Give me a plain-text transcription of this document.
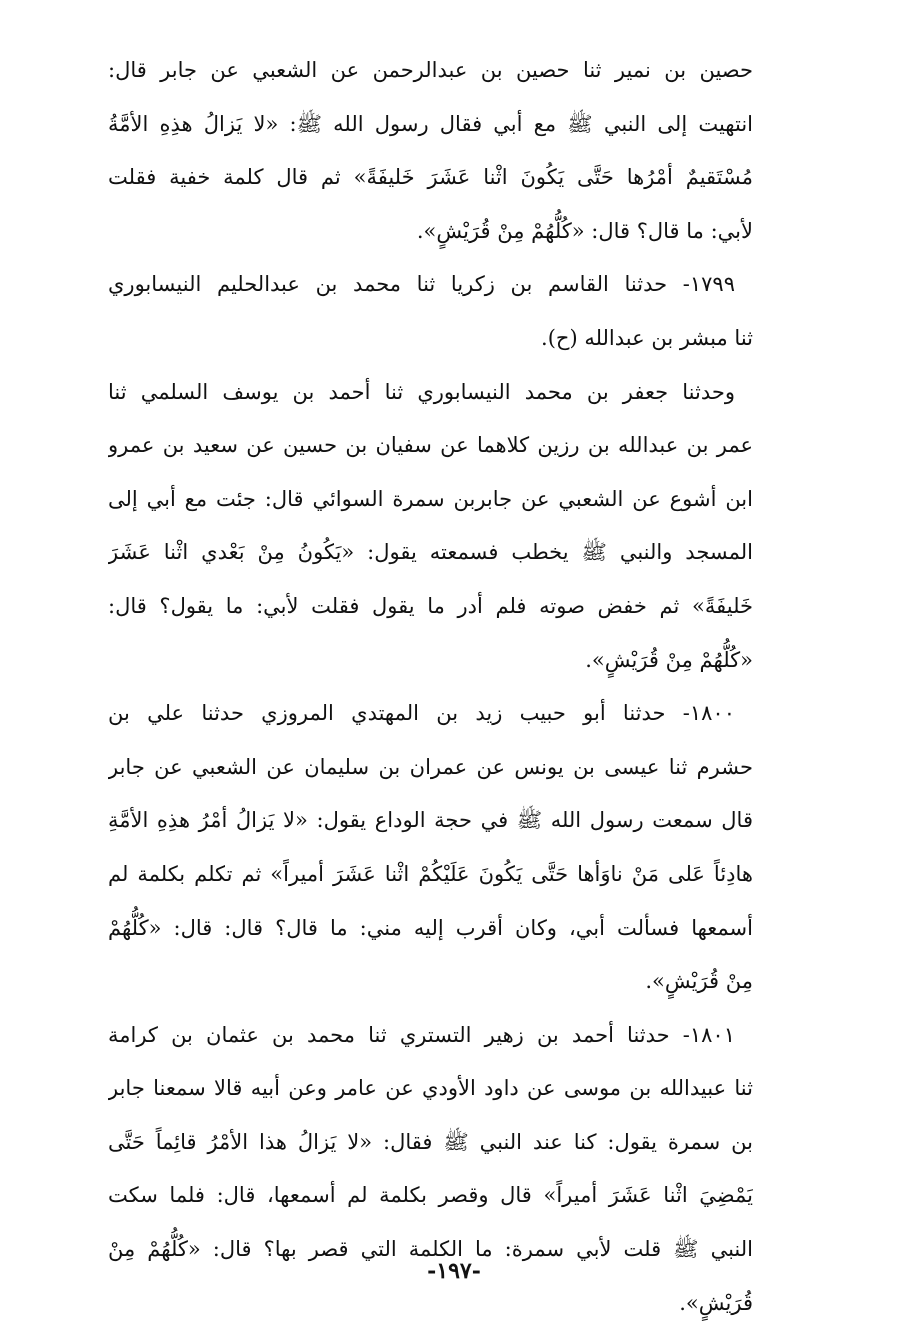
حصين بن نمير ثنا حصين بن عبدالرحمن عن الشعبي عن جابر قال:
انتهيت إلى النبي ﷺ مع أبي فقال رسول الله ﷺ: «لا يَزالُ هذِهِ الأمَّةُ
مُسْتَقيمٌ أمْرُها حَتَّى يَكُونَ اثْنا عَشَرَ خَليفَةً» ثم قال كلمة خفية فقلت
لأبي: ما قال؟ قال: «كُلُّهُمْ مِنْ قُرَيْشٍ».
١٧٩٩- حدثنا القاسم بن زكريا ثنا محمد بن عبدالحليم النيسابوري
ثنا مبشر بن عبدالله (ح).
وحدثنا جعفر بن محمد النيسابوري ثنا أحمد بن يوسف السلمي ثنا
عمر بن عبدالله بن رزين كلاهما عن سفيان بن حسين عن سعيد بن عمرو
ابن أشوع عن الشعبي عن جابربن سمرة السوائي قال: جئت مع أبي إلى
المسجد والنبي ﷺ يخطب فسمعته يقول: «يَكُونُ مِنْ بَعْدي اثْنا عَشَرَ
خَليفَةً» ثم خفض صوته فلم أدر ما يقول فقلت لأبي: ما يقول؟ قال:
«كُلُّهُمْ مِنْ قُرَيْشٍ».
١٨٠٠- حدثنا أبو حبيب زيد بن المهتدي المروزي حدثنا علي بن
حشرم ثنا عيسى بن يونس عن عمران بن سليمان عن الشعبي عن جابر
قال سمعت رسول الله ﷺ في حجة الوداع يقول: «لا يَزالُ أمْرُ هذِهِ الأمَّةِ
هادِئاً عَلى مَنْ ناوَأها حَتَّى يَكُونَ عَلَيْكُمْ اثْنا عَشَرَ أميراً» ثم تكلم بكلمة لم
أسمعها فسألت أبي، وكان أقرب إليه مني: ما قال؟ قال: قال: «كُلُّهُمْ
مِنْ قُرَيْشٍ».
١٨٠١- حدثنا أحمد بن زهير التستري ثنا محمد بن عثمان بن كرامة
ثنا عبيدالله بن موسى عن داود الأودي عن عامر وعن أبيه قالا سمعنا جابر
بن سمرة يقول: كنا عند النبي ﷺ فقال: «لا يَزالُ هذا الأمْرُ قائِماً حَتَّى
يَمْضِيَ اثْنا عَشَرَ أميراً» قال وقصر بكلمة لم أسمعها، قال: فلما سكت
النبي ﷺ قلت لأبي سمرة: ما الكلمة التي قصر بها؟ قال: «كُلُّهُمْ مِنْ
قُرَيْشٍ».
-١٩٧-
